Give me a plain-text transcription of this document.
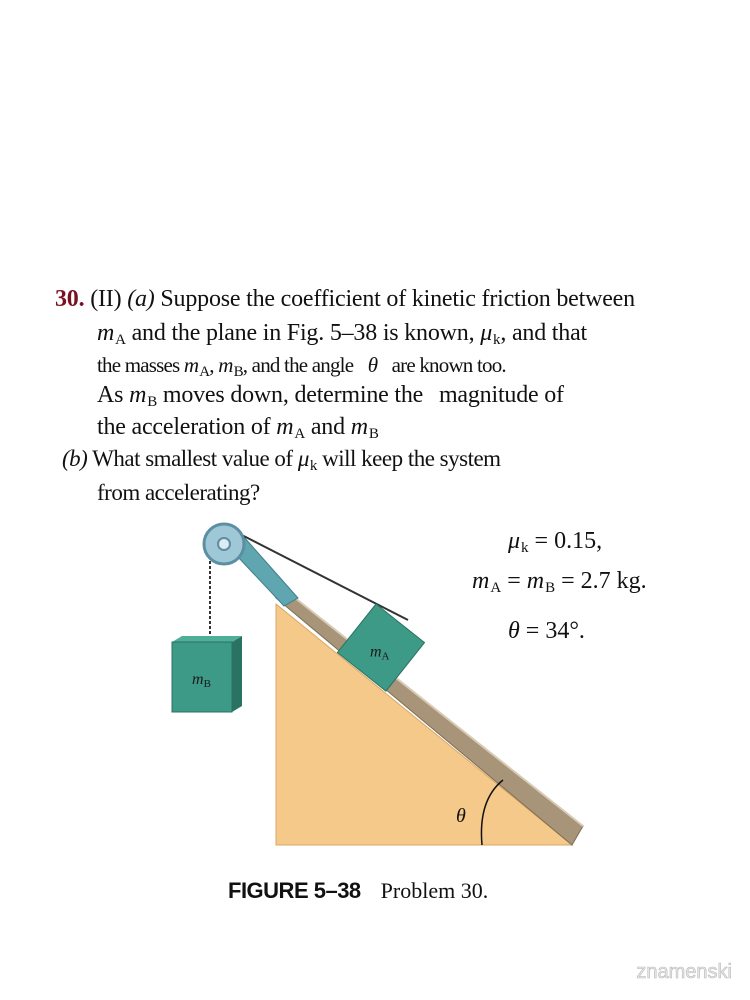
30. (II) (a) Suppose the coefficient of kinetic friction between
$m_A$ and the plane in Fig. 5–38 is known, $\mu_k$, and that
the masses $m_A$, $m_B$, and the angle θ are known too.
As $m_B$ moves down, determine the magnitude of
the acceleration of $m_A$ and $m_B$
(b) What smallest value of $\mu_k$ will keep the system
from accelerating?
mB
mA
θ
$\mu_k = 0.15$,
$m_A = m_B = 2.7$ kg.
θ = 34°.
FIGURE 5–38 Problem 30.
znamenski
